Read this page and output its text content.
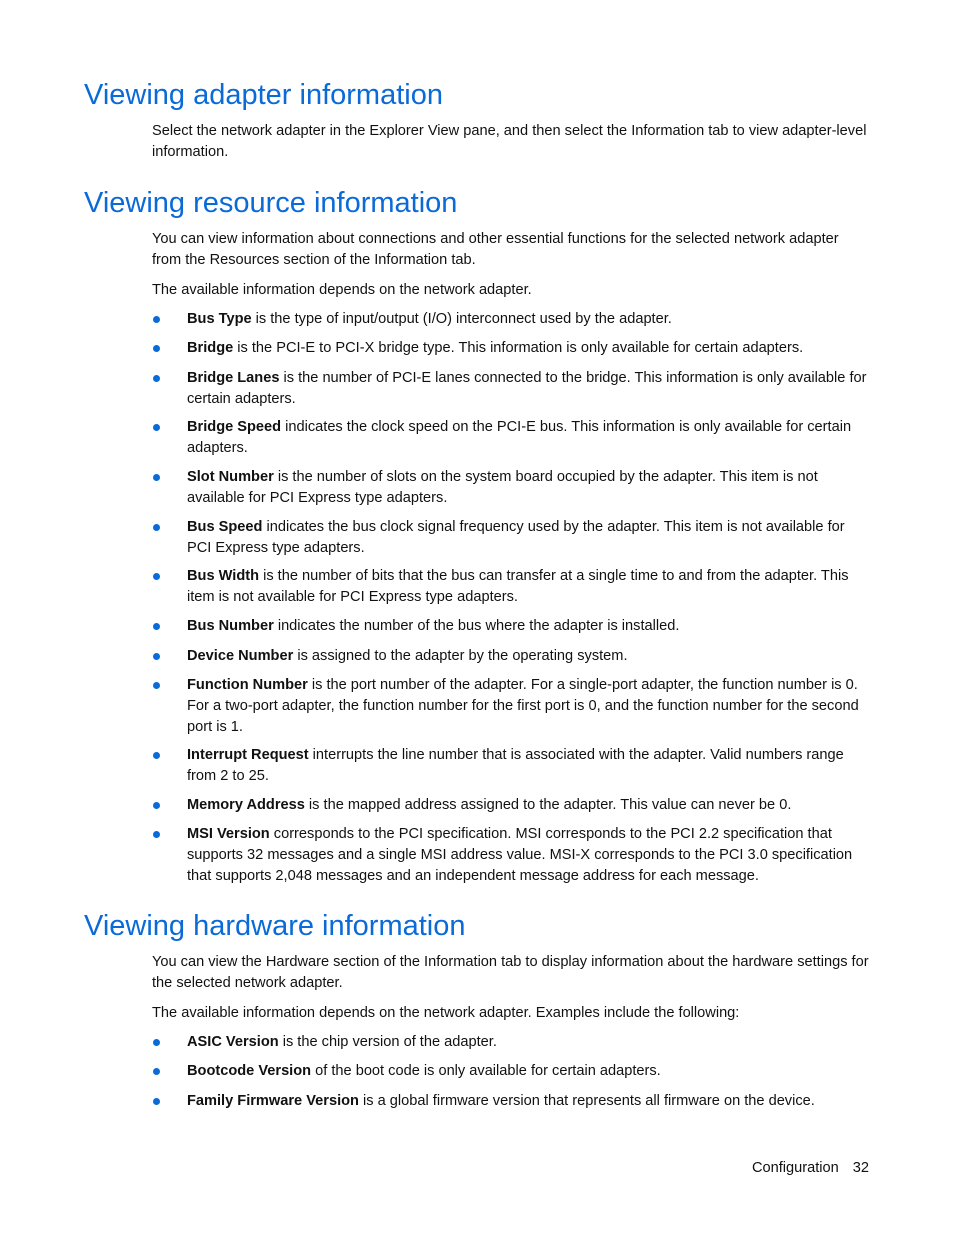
Viewing adapter information

Select the network adapter in the Explorer View pane, and then select the Information tab to view adapter-level information.

Viewing resource information

You can view information about connections and other essential functions for the selected network adapter from the Resources section of the Information tab.

The available information depends on the network adapter.

Bus Type is the type of input/output (I/O) interconnect used by the adapter.

Bridge is the PCI-E to PCI-X bridge type. This information is only available for certain adapters.

Bridge Lanes is the number of PCI-E lanes connected to the bridge. This information is only available for certain adapters.

Bridge Speed indicates the clock speed on the PCI-E bus. This information is only available for certain adapters.

Slot Number is the number of slots on the system board occupied by the adapter. This item is not available for PCI Express type adapters.

Bus Speed indicates the bus clock signal frequency used by the adapter. This item is not available for PCI Express type adapters.

Bus Width is the number of bits that the bus can transfer at a single time to and from the adapter. This item is not available for PCI Express type adapters.

Bus Number indicates the number of the bus where the adapter is installed.

Device Number is assigned to the adapter by the operating system.

Function Number is the port number of the adapter. For a single-port adapter, the function number is 0. For a two-port adapter, the function number for the first port is 0, and the function number for the second port is 1.

Interrupt Request interrupts the line number that is associated with the adapter. Valid numbers range from 2 to 25.

Memory Address is the mapped address assigned to the adapter. This value can never be 0.

MSI Version corresponds to the PCI specification. MSI corresponds to the PCI 2.2 specification that supports 32 messages and a single MSI address value. MSI-X corresponds to the PCI 3.0 specification that supports 2,048 messages and an independent message address for each message.

Viewing hardware information

You can view the Hardware section of the Information tab to display information about the hardware settings for the selected network adapter.

The available information depends on the network adapter. Examples include the following:

ASIC Version is the chip version of the adapter.

Bootcode Version of the boot code is only available for certain adapters.

Family Firmware Version is a global firmware version that represents all firmware on the device.

Configuration 32
